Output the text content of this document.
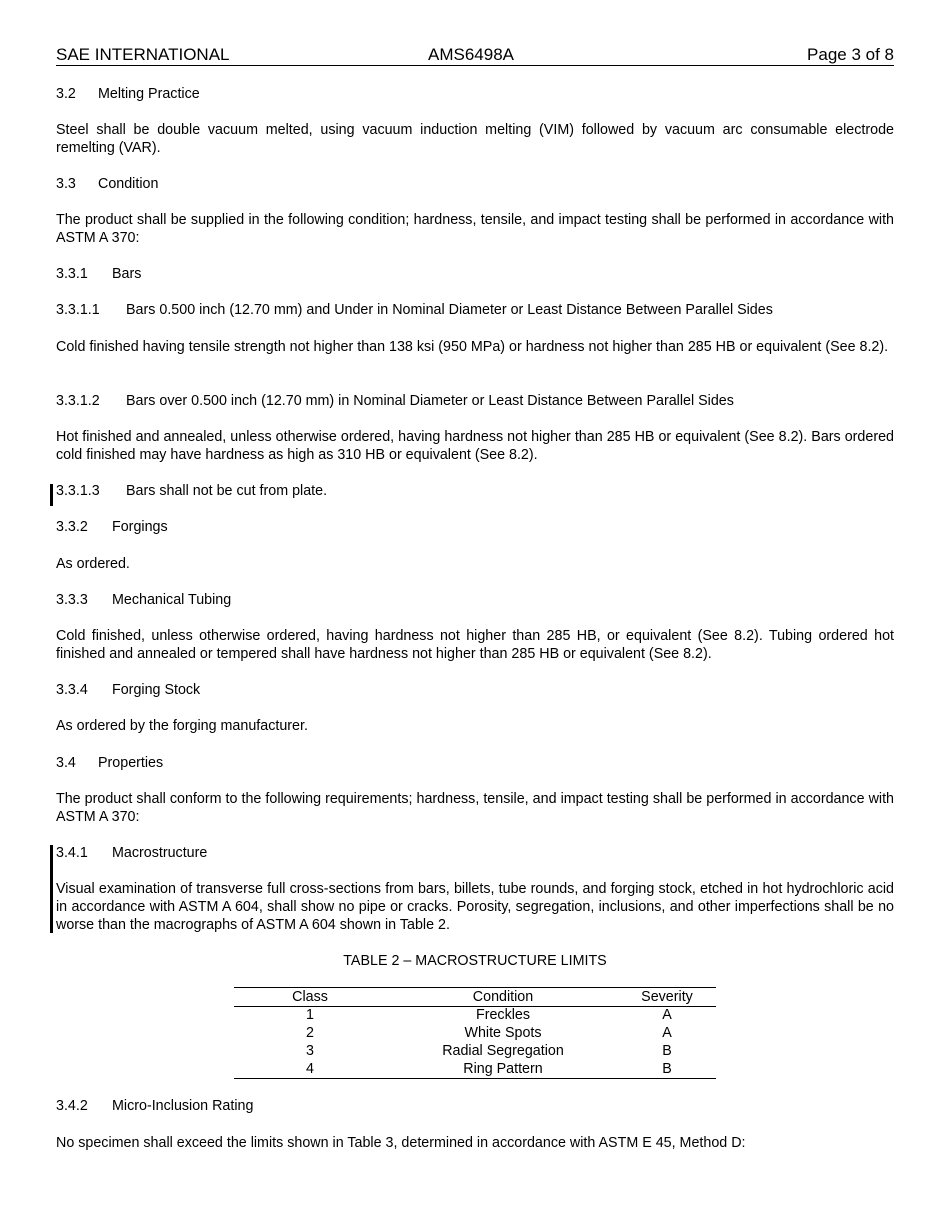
SAE INTERNATIONAL	AMS6498A	Page 3 of 8
3.2 Melting Practice

Steel shall be double vacuum melted, using vacuum induction melting (VIM) followed by vacuum arc consumable electrode remelting (VAR).

3.3 Condition

The product shall be supplied in the following condition; hardness, tensile, and impact testing shall be performed in accordance with ASTM A 370:

3.3.1 Bars
3.3.1.1 Bars 0.500 inch (12.70 mm) and Under in Nominal Diameter or Least Distance Between Parallel Sides

Cold finished having tensile strength not higher than 138 ksi (950 MPa) or hardness not higher than 285 HB or equivalent (See 8.2).

3.3.1.2 Bars over 0.500 inch (12.70 mm) in Nominal Diameter or Least Distance Between Parallel Sides

Hot finished and annealed, unless otherwise ordered, having hardness not higher than 285 HB or equivalent (See 8.2). Bars ordered cold finished may have hardness as high as 310 HB or equivalent (See 8.2).

3.3.1.3 Bars shall not be cut from plate.
3.3.2 Forgings

As ordered.

3.3.3 Mechanical Tubing

Cold finished, unless otherwise ordered, having hardness not higher than 285 HB, or equivalent (See 8.2). Tubing ordered hot finished and annealed or tempered shall have hardness not higher than 285 HB or equivalent (See 8.2).

3.3.4 Forging Stock

As ordered by the forging manufacturer.

3.4 Properties

The product shall conform to the following requirements; hardness, tensile, and impact testing shall be performed in accordance with ASTM A 370:

3.4.1 Macrostructure

Visual examination of transverse full cross-sections from bars, billets, tube rounds, and forging stock, etched in hot hydrochloric acid in accordance with ASTM A 604, shall show no pipe or cracks. Porosity, segregation, inclusions, and other imperfections shall be no worse than the macrographs of ASTM A 604 shown in Table 2.

3.4.2 Micro-Inclusion Rating

No specimen shall exceed the limits shown in Table 3, determined in accordance with ASTM E 45, Method D:

TABLE 2 – MACROSTRUCTURE LIMITS
Class	Condition	Severity
1	Freckles	A
2	White Spots	A
3	Radial Segregation	B
4	Ring Pattern	B
